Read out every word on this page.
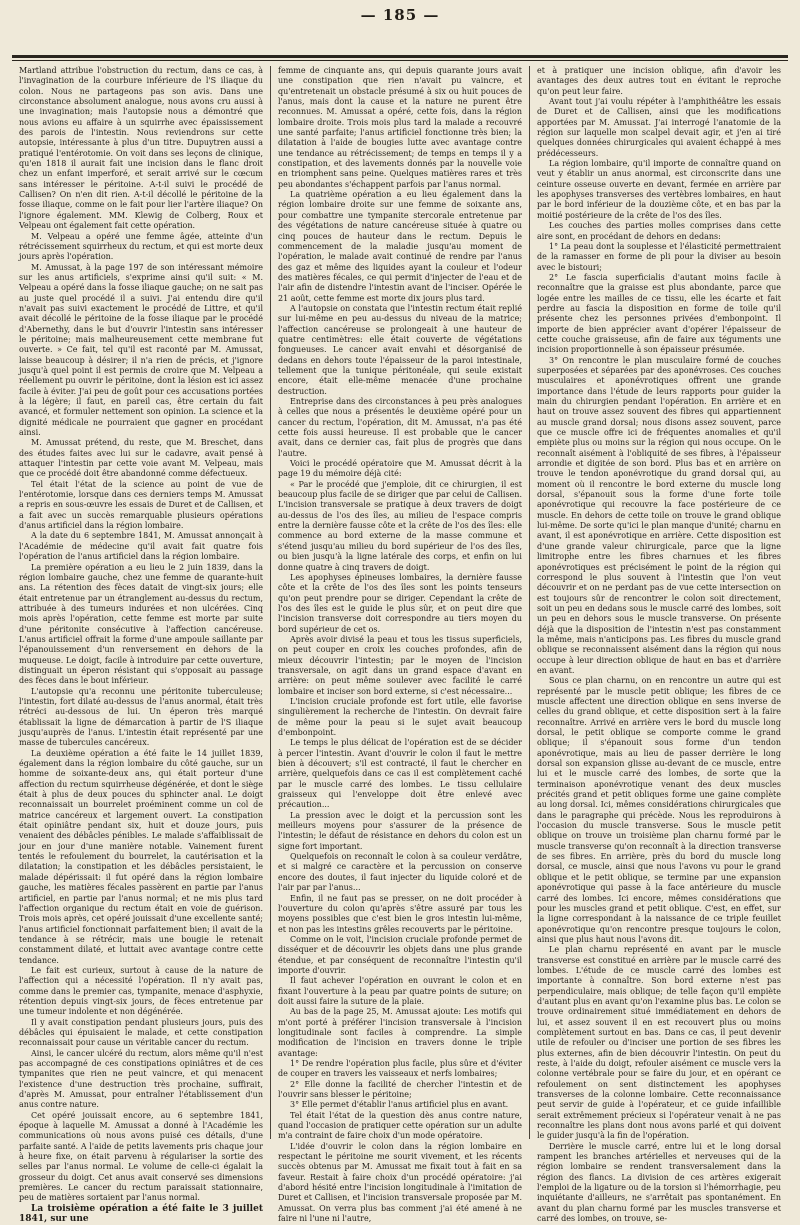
— 185 —

Martland attribue l'obstruction du rectum, dans ce cas, à l'invagination de la courbure inférieure de l'S iliaque du colon. Nous ne partageons pas son avis. Dans une circonstance absolument analogue, nous avons cru aussi à une invagination; mais l'autopsie nous a démontré que nous avions eu affaire à un squirrhe avec épaississement des parois de l'intestin. Nous reviendrons sur cette autopsie, intéressante à plus d'un titre. Dupuytren aussi a pratiqué l'entérotomie. On voit dans ses leçons de clinique, qu'en 1818 il aurait fait une incision dans le flanc droit chez un enfant imperforé, et serait arrivé sur le cœcum sans intéresser le péritoine. A-t-il suivi le procédé de Callisen? On n'en dit rien. A-t-il décollé le péritoine de la fosse iliaque, comme on le fait pour lier l'artère iliaque? On l'ignore également. MM. Klewig de Colberg, Roux et Velpeau ont également fait cette opération.

M. Velpeau a opéré une femme âgée, atteinte d'un rétrécissement squirrheux du rectum, et qui est morte deux jours après l'opération.

M. Amussat, à la page 197 de son intéressant mémoire sur les anus artificiels, s'exprime ainsi qu'il suit: « M. Velpeau a opéré dans la fosse iliaque gauche; on ne sait pas au juste quel procédé il a suivi. J'ai entendu dire qu'il n'avait pas suivi exactement le procédé de Littre, et qu'il avait décollé le péritoine de la fosse iliaque par le procédé d'Abernethy, dans le but d'ouvrir l'intestin sans intéresser le péritoine; mais malheureusement cette membrane fut ouverte. » Ce fait, tel qu'il est raconté par M. Amussat, laisse beaucoup à désirer; il n'a rien de précis, et j'ignore jusqu'à quel point il est permis de croire que M. Velpeau a réellement pu ouvrir le péritoine, dont la lésion est ici assez facile à éviter. J'ai peu de goût pour ces accusations portées à la légère; il faut, en pareil cas, être certain du fait avancé, et formuler nettement son opinion. La science et la dignité médicale ne pourraient que gagner en procédant ainsi.

M. Amussat prétend, du reste, que M. Breschet, dans des études faites avec lui sur le cadavre, avait pensé à attaquer l'intestin par cette voie avant M. Velpeau, mais que ce procédé doit être abandonné comme défectueux.

Tel était l'état de la science au point de vue de l'entérotomie, lorsque dans ces derniers temps M. Amussat a repris en sous-œuvre les essais de Duret et de Callisen, et a fait avec un succès remarquable plusieurs opérations d'anus artificiel dans la région lombaire.

A la date du 6 septembre 1841, M. Amussat annonçait à l'Académie de médecine qu'il avait fait quatre fois l'opération de l'anus artificiel dans la région lombaire.

La première opération a eu lieu le 2 juin 1839, dans la région lombaire gauche, chez une femme de quarante-huit ans. La rétention des fèces datait de vingt-six jours; elle était entretenue par un étranglement au-dessus du rectum, attribuée à des tumeurs indurées et non ulcérées. Cinq mois après l'opération, cette femme est morte par suite d'une péritonite consécutive à l'affection cancéreuse. L'anus artificiel offrait la forme d'une ampoule saillante par l'épanouissement d'un renversement en dehors de la muqueuse. Le doigt, facile à introduire par cette ouverture, distinguait un éperon résistant qui s'opposait au passage des fèces dans le bout inférieur.

L'autopsie qu'a reconnu une péritonite tuberculeuse; l'intestin, fort dilaté au-dessus de l'anus anormal, était très rétréci au-dessous de lui. Un éperon très marqué établissait la ligne de démarcation à partir de l'S iliaque jusqu'auprès de l'anus. L'intestin était représenté par une masse de tubercules cancéreux.

La deuxième opération a été faite le 14 juillet 1839, également dans la région lombaire du côté gauche, sur un homme de soixante-deux ans, qui était porteur d'une affection du rectum squirrheuse dégénérée, et dont le siège était à plus de deux pouces du sphincter anal. Le doigt reconnaissait un bourrelet proéminent comme un col de matrice cancéreux et largement ouvert. La constipation était opiniâtre pendant six, huit et douze jours, puis venaient des débâcles pénibles. Le malade s'affaiblissait de jour en jour d'une manière notable. Vainement furent tentés le refoulement du bourrelet, la cautérisation et la dilatation; la constipation et les débâcles persistaient, le malade dépérissait: il fut opéré dans la région lombaire gauche, les matières fécales passèrent en partie par l'anus artificiel, en partie par l'anus normal; et ne mis plus tard l'affection organique du rectum était en voie de guérison. Trois mois après, cet opéré jouissait d'une excellente santé; l'anus artificiel fonctionnait parfaitement bien; il avait de la tendance à se rétrécir, mais une bougie le retenait constamment dilaté, et luttait avec avantage contre cette tendance.

Le fait est curieux, surtout à cause de la nature de l'affection qui a nécessité l'opération. Il n'y avait pas, comme dans le premier cas, tympanite, menace d'asphyxie, rétention depuis vingt-six jours, de fèces entretenue par une tumeur indolente et non dégénérée.

Il y avait constipation pendant plusieurs jours, puis des débâcles qui épuisaient le malade, et cette constipation reconnaissait pour cause un véritable cancer du rectum.

Ainsi, le cancer ulcéré du rectum, alors même qu'il n'est pas accompagné de ces constipations opiniâtres et de ces tympanites que rien ne peut vaincre, et qui menacent l'existence d'une destruction très prochaine, suffirait, d'après M. Amussat, pour entraîner l'établissement d'un anus contre nature.

Cet opéré jouissait encore, au 6 septembre 1841, époque à laquelle M. Amussat a donné à l'Académie les communications où nous avons puisé ces détails, d'une parfaite santé. A l'aide de petits lavements pris chaque jour à heure fixe, on était parvenu à régulariser la sortie des selles par l'anus normal. Le volume de celle-ci égalait la grosseur du doigt. Cet anus avait conservé ses dimensions premières. Le cancer du rectum paraissait stationnaire, peu de matières sortaient par l'anus normal.

La troisième opération a été faite le 3 juillet 1841, sur une

femme de cinquante ans, qui depuis quarante jours avait une constipation que rien n'avait pu vaincre, et qu'entretenait un obstacle présumé à six ou huit pouces de l'anus, mais dont la cause et la nature ne purent être reconnues. M. Amussat a opéré, cette fois, dans la région lombaire droite. Trois mois plus tard la malade a recouvré une santé parfaite; l'anus artificiel fonctionne très bien; la dilatation à l'aide de bougies lutte avec avantage contre une tendance au rétrécissement; de temps en temps il y a constipation, et des lavements donnés par la nouvelle voie en triomphent sans peine. Quelques matières rares et très peu abondantes s'échappent parfois par l'anus normal.

La quatrième opération a eu lieu également dans la région lombaire droite sur une femme de soixante ans, pour combattre une tympanite stercorale entretenue par des végétations de nature cancéreuse située à quatre ou cinq pouces de hauteur dans le rectum. Depuis le commencement de la maladie jusqu'au moment de l'opération, le malade avait continué de rendre par l'anus des gaz et même des liquides ayant la couleur et l'odeur des matières fécales, ce qui permit d'injecter de l'eau et de l'air afin de distendre l'intestin avant de l'inciser. Opérée le 21 août, cette femme est morte dix jours plus tard.

A l'autopsie on constata que l'intestin rectum était replié sur lui-même en peu au-dessus du niveau de la matrice; l'affection cancéreuse se prolongeait à une hauteur de quatre centimètres: elle était couverte de végétations fongueuses. Le cancer avait envahi et désorganisé de dedans en dehors toute l'épaisseur de la paroi intestinale, tellement que la tunique péritonéale, qui seule existait encore, était elle-même menacée d'une prochaine destruction.

Entreprise dans des circonstances à peu près analogues à celles que nous a présentés le deuxième opéré pour un cancer du rectum, l'opération, dit M. Amussat, n'a pas été cette fois aussi heureuse. Il est probable que le cancer avait, dans ce dernier cas, fait plus de progrès que dans l'autre.

Voici le procédé opératoire que M. Amussat décrit à la page 19 du mémoire déjà cité:

« Par le procédé que j'emploie, dit ce chirurgien, il est beaucoup plus facile de se diriger que par celui de Callisen. L'incision transversale se pratique à deux travers de doigt au-dessus de l'os des îles, au milieu de l'espace compris entre la dernière fausse côte et la crête de l'os des îles: elle commence au bord externe de la masse commune et s'étend jusqu'au milieu du bord supérieur de l'os des îles, ou bien jusqu'à la ligne latérale des corps, et enfin on lui donne quatre à cinq travers de doigt.

Les apophyses épineuses lombaires, la dernière fausse côte et la crête de l'os des îles sont les points tenseurs qu'on peut prendre pour se diriger. Cependant la crête de l'os des îles est le guide le plus sûr, et on peut dire que l'incision transverse doit correspondre au tiers moyen du bord supérieur de cet os.

Après avoir divisé la peau et tous les tissus superficiels, on peut couper en croix les couches profondes, afin de mieux découvrir l'intestin; par le moyen de l'incision transversale, on agit dans un grand espace d'avant en arrière: on peut même soulever avec facilité le carré lombaire et inciser son bord externe, si c'est nécessaire...

L'incision cruciale profonde est fort utile, elle favorise singulièrement la recherche de l'intestin. On devrait faire de même pour la peau si le sujet avait beaucoup d'embonpoint.

Le temps le plus délicat de l'opération est de se décider à percer l'intestin. Avant d'ouvrir le colon il faut le mettre bien à découvert; s'il est contracté, il faut le chercher en arrière, quelquefois dans ce cas il est complètement caché par le muscle carré des lombes. Le tissu cellulaire graisseux qui l'enveloppe doit être enlevé avec précaution...

La pression avec le doigt et la percussion sont les meilleurs moyens pour s'assurer de la présence de l'intestin; le défaut de résistance en dehors du colon est un signe fort important.

Quelquefois on reconnaît le colon à sa couleur verdâtre, et si malgré ce caractère et la percussion on conserve encore des doutes, il faut injecter du liquide coloré et de l'air par par l'anus...

Enfin, il ne faut pas se presser, on ne doit procéder à l'ouverture du colon qu'après s'être assuré par tous les moyens possibles que c'est bien le gros intestin lui-même, et non pas les intestins grêles recouverts par le péritoine.

Comme on le voit, l'incision cruciale profonde permet de disséquer et de découvrir les objets dans une plus grande étendue, et par conséquent de reconnaître l'intestin qu'il importe d'ouvrir.

Il faut achever l'opération en ouvrant le colon et en fixant l'ouverture à la peau par quatre points de suture; on doit aussi faire la suture de la plaie.

Au bas de la page 25, M. Amussat ajoute: Les motifs qui m'ont porté à préférer l'incision transversale à l'incision longitudinale sont faciles à comprendre. La simple modification de l'incision en travers donne le triple avantage:

1° De rendre l'opération plus facile, plus sûre et d'éviter de couper en travers les vaisseaux et nerfs lombaires;

2° Elle donne la facilité de chercher l'intestin et de l'ouvrir sans blesser le péritoine;

3° Elle permet d'établir l'anus artificiel plus en avant.

Tel était l'état de la question dès anus contre nature, quand l'occasion de pratiquer cette opération sur un adulte m'a contraint de faire choix d'un mode opératoire.

L'idée d'ouvrir le colon dans la région lombaire en respectant le péritoine me sourit vivement, et les récents succès obtenus par M. Amussat me fixait tout à fait en sa faveur. Restait à faire choix d'un procédé opératoire: j'ai d'abord hésité entre l'incision longitudinale à l'imitation de Duret et Callisen, et l'incision transversale proposée par M. Amussat. On verra plus bas comment j'ai été amené à ne faire ni l'une ni l'autre,

et à pratiquer une incision oblique, afin d'avoir les avantages des deux autres tout en évitant le reproche qu'on peut leur faire.

Avant tout j'ai voulu répéter à l'amphithéâtre les essais de Duret et de Callisen, ainsi que les modifications apportées par M. Amussat. J'ai interrogé l'anatomie de la région sur laquelle mon scalpel devait agir, et j'en ai tiré quelques données chirurgicales qui avaient échappé à mes prédécesseurs.

La région lombaire, qu'il importe de connaître quand on veut y établir un anus anormal, est circonscrite dans une ceinture osseuse ouverte en devant, fermée en arrière par les apophyses transverses des vertèbres lombaires, en haut par le bord inférieur de la douzième côte, et en bas par la moitié postérieure de la crête de l'os des îles.

Les couches des parties molles comprises dans cette aire sont, en procédant de dehors en dedans:

1° La peau dont la souplesse et l'élasticité permettraient de la ramasser en forme de pli pour la diviser au besoin avec le bistouri;

2° Le fascia superficialis d'autant moins facile à reconnaître que la graisse est plus abondante, parce que logée entre les mailles de ce tissu, elle les écarte et fait perdre au fascia la disposition en forme de toile qu'il présente chez les personnes privées d'embonpoint. Il importe de bien apprécier avant d'opérer l'épaisseur de cette couche graisseuse, afin de faire aux téguments une incision proportionnelle à son épaisseur présumée.

3° On rencontre le plan musculaire formé de couches superposées et séparées par des aponévroses. Ces couches musculaires et aponévrotiques offrent une grande importance dans l'étude de leurs rapports pour guider la main du chirurgien pendant l'opération. En arrière et en haut on trouve assez souvent des fibres qui appartiennent au muscle grand dorsal; nous disons assez souvent, parce que ce muscle offre ici de fréquentes anomalies et qu'il empiète plus ou moins sur la région qui nous occupe. On le reconnaît aisément à l'obliquité de ses fibres, à l'épaisseur arrondie et digitée de son bord. Plus bas et en arrière on trouve le tendon aponévrotique du grand dorsal qui, au moment où il rencontre le bord externe du muscle long dorsal, s'épanouit sous la forme d'une forte toile aponévrotique qui recouvre la face postérieure de ce muscle. En dehors de cette toile on trouve le grand oblique lui-même. De sorte qu'ici le plan manque d'unité; charnu en avant, il est aponévrotique en arrière. Cette disposition est d'une grande valeur chirurgicale, parce que la ligne limitrophe entre les fibres charnues et les fibres aponévrotiques est précisément le point de la région qui correspond le plus souvent à l'intestin que l'on veut découvrir et on ne perdant pas de vue cette intersection on est toujours sûr de rencontrer le colon soit directement, soit un peu en dedans sous le muscle carré des lombes, soit un peu en dehors sous le muscle transverse. On présente déjà que la disposition de l'intestin n'est pas constamment la même, mais n'anticipons pas. Les fibres du muscle grand oblique se reconnaissent aisément dans la région qui nous occupe à leur direction oblique de haut en bas et d'arrière en avant.

Sous ce plan charnu, on en rencontre un autre qui est représenté par le muscle petit oblique; les fibres de ce muscle affectent une direction oblique en sens inverse de celles du grand oblique, et cette disposition sert à la faire reconnaître. Arrivé en arrière vers le bord du muscle long dorsal, le petit oblique se comporte comme le grand oblique; il s'épanouit sous forme d'un tendon aponévrotique, mais au lieu de passer derrière le long dorsal son expansion glisse au-devant de ce muscle, entre lui et le muscle carré des lombes, de sorte que la terminaison aponévrotique venant des deux muscles précités grand et petit obliques forme une gaine complète au long dorsal. Ici, mêmes considérations chirurgicales que dans le paragraphe qui précède. Nous les reproduirons à l'occasion du muscle transverse. Sous le muscle petit oblique on trouve un troisième plan charnu formé par le muscle transverse qu'on reconnaît à la direction transverse de ses fibres. En arrière, près du bord du muscle long dorsal, ce muscle, ainsi que nous l'avons vu pour le grand oblique et le petit oblique, se termine par une expansion aponévrotique qui passe à la face antérieure du muscle carré des lombes. Ici encore, mêmes considérations que pour les muscles grand et petit oblique. C'est, en effet, sur la ligne correspondant à la naissance de ce triple feuillet aponévrotique qu'on rencontre presque toujours le colon, ainsi que plus haut nous l'avons dit.

Le plan charnu représenté en avant par le muscle transverse est constitué en arrière par le muscle carré des lombes. L'étude de ce muscle carré des lombes est importante à connaître. Son bord externe n'est pas perpendiculaire, mais oblique; de telle façon qu'il empiète d'autant plus en avant qu'on l'examine plus bas. Le colon se trouve ordinairement situé immédiatement en dehors de lui, et assez souvent il en est recouvert plus ou moins complètement surtout en bas. Dans ce cas, il peut devenir utile de refouler ou d'inciser une portion de ses fibres les plus externes, afin de bien découvrir l'intestin. On peut du reste, à l'aide du doigt, refouler aisément ce muscle vers la colonne vertébrale pour se faire du jour, et en opérant ce refoulement on sent distinctement les apophyses transverses de la colonne lombaire. Cette reconnaissance peut servir de guide à l'opérateur, et ce guide infaillible serait extrêmement précieux si l'opérateur venait à ne pas reconnaître les plans dont nous avons parlé et qui doivent le guider jusqu'à la fin de l'opération.

Derrière le muscle carré, entre lui et le long dorsal rampent les branches artérielles et nerveuses qui de la région lombaire se rendent transversalement dans la région des flancs. La division de ces artères exigerait l'emploi de la ligature ou de la torsion si l'hémorrhagie, peu inquiétante d'ailleurs, ne s'arrêtait pas spontanément. En avant du plan charnu formé par les muscles transverse et carré des lombes, on trouve, se-
